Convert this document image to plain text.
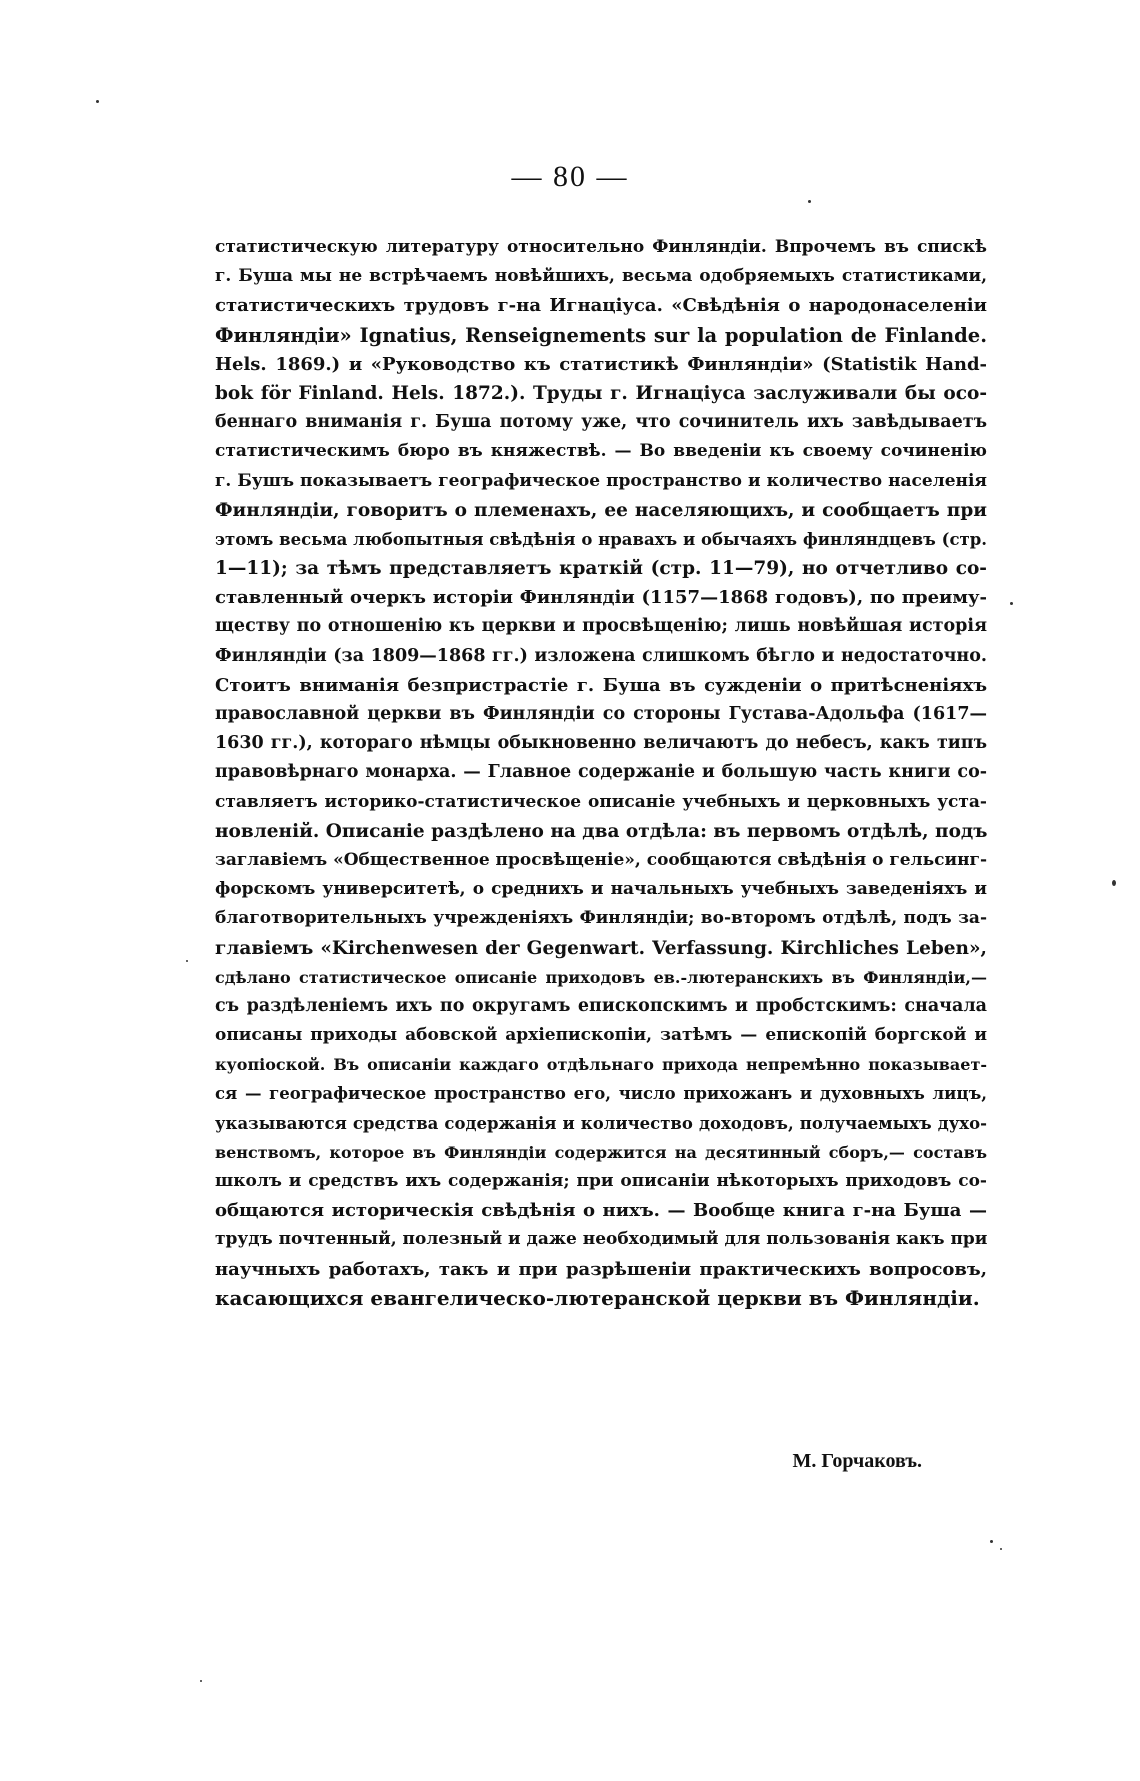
— 80 —
статистическую литературу относительно Финляндіи. Впрочемъ въ спискѣ
г. Буша мы не встрѣчаемъ новѣйшихъ, весьма одобряемыхъ статистиками,
статистическихъ трудовъ г-на Игнаціуса. «Свѣдѣнія о народонаселеніи
Финляндіи» Ignatius, Renseignements sur la population de Finlande.
Hels. 1869.) и «Руководство къ статистикѣ Финляндіи» (Statistik Hand-
bok för Finland. Hels. 1872.). Труды г. Игнаціуса заслуживали бы осо-
беннаго вниманія г. Буша потому уже, что сочинитель ихъ завѣдываетъ
статистическимъ бюро въ княжествѣ. — Во введеніи къ своему сочиненію
г. Бушъ показываетъ географическое пространство и количество населенія
Финляндіи, говоритъ о племенахъ, ее населяющихъ, и сообщаетъ при
этомъ весьма любопытныя свѣдѣнія о нравахъ и обычаяхъ финляндцевъ (стр.
1—11); за тѣмъ представляетъ краткій (стр. 11—79), но отчетливо со-
ставленный очеркъ исторіи Финляндіи (1157—1868 годовъ), по преиму-
ществу по отношенію къ церкви и просвѣщенію; лишь новѣйшая исторія
Финляндіи (за 1809—1868 гг.) изложена слишкомъ бѣгло и недостаточно.
Стоитъ вниманія безпристрастіе г. Буша въ сужденіи о притѣсненіяхъ
православной церкви въ Финляндіи со стороны Густава-Адольфа (1617—
1630 гг.), котораго нѣмцы обыкновенно величаютъ до небесъ, какъ типъ
правовѣрнаго монарха. — Главное содержаніе и большую часть книги со-
ставляетъ историко-статистическое описаніе учебныхъ и церковныхъ уста-
новленій. Описаніе раздѣлено на два отдѣла: въ первомъ отдѣлѣ, подъ
заглавіемъ «Общественное просвѣщеніе», сообщаются свѣдѣнія о гельсинг-
форскомъ университетѣ, о среднихъ и начальныхъ учебныхъ заведеніяхъ и
благотворительныхъ учрежденіяхъ Финляндіи; во-второмъ отдѣлѣ, подъ за-
главіемъ «Kirchenwesen der Gegenwart. Verfassung. Kirchliches Leben»,
сдѣлано статистическое описаніе приходовъ ев.-лютеранскихъ въ Финляндіи,—
съ раздѣленіемъ ихъ по округамъ епископскимъ и пробстскимъ: сначала
описаны приходы абовской архіепископіи, затѣмъ — епископій боргской и
куопіоской. Въ описаніи каждаго отдѣльнаго прихода непремѣнно показывает-
ся — географическое пространство его, число прихожанъ и духовныхъ лицъ,
указываются средства содержанія и количество доходовъ, получаемыхъ духо-
венствомъ, которое въ Финляндіи содержится на десятинный сборъ,— составъ
школъ и средствъ ихъ содержанія; при описаніи нѣкоторыхъ приходовъ со-
общаются историческія свѣдѣнія о нихъ. — Вообще книга г-на Буша —
трудъ почтенный, полезный и даже необходимый для пользованія какъ при
научныхъ работахъ, такъ и при разрѣшеніи практическихъ вопросовъ,
касающихся евангелическо-лютеранской церкви въ Финляндіи.
М. Горчаковъ.
